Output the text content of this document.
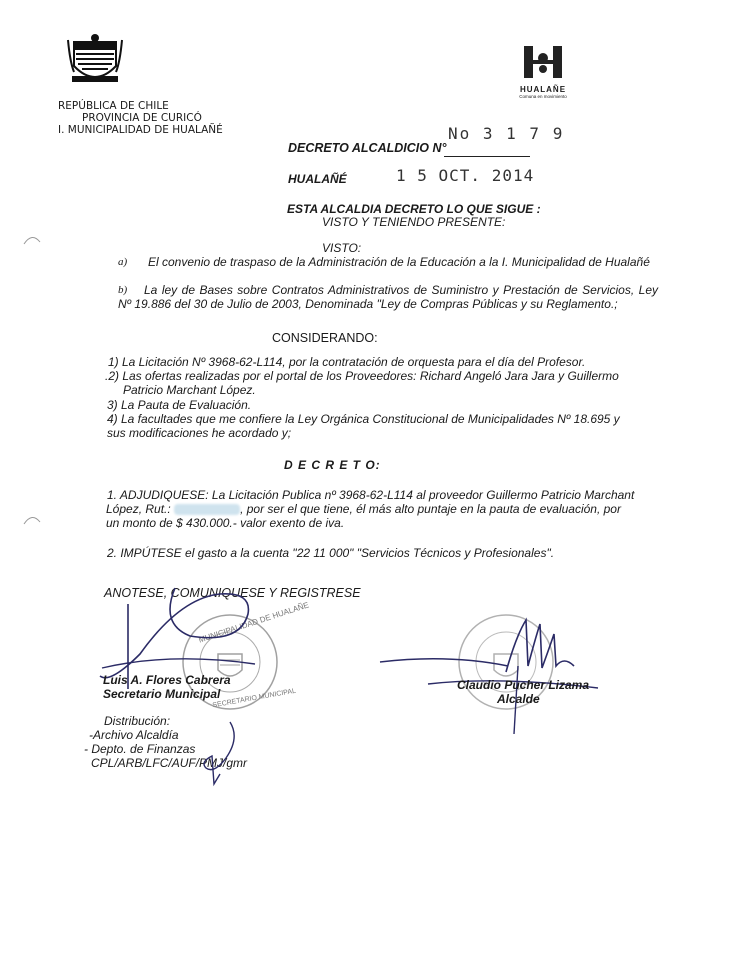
HUALAÑE
Comuna en movimiento
REPÚBLICA DE CHILE
PROVINCIA DE CURICÓ
I. MUNICIPALIDAD DE HUALAÑÉ
DECRETO ALCALDICIO N°
No 3 1 7 9
HUALAÑÉ	1 5 OCT. 2014
ESTA ALCALDIA DECRETO LO QUE SIGUE :
VISTO Y TENIENDO PRESENTE:
VISTO:
a) El convenio de traspaso de la Administración de la Educación a la I. Municipalidad de Hualañé
b)	La ley de Bases sobre Contratos Administrativos de Suministro y Prestación de Servicios, Ley Nº 19.886 del 30 de Julio de 2003, Denominada "Ley de Compras Públicas y su Reglamento.;
CONSIDERANDO:
1) La Licitación Nº 3968-62-L114, por la contratación de orquesta para el día del Profesor.
.2) Las ofertas realizadas por el portal de los Proveedores: Richard Angeló Jara Jara y Guillermo
Patricio Marchant López.
3) La Pauta de Evaluación.
4) La facultades que me confiere la Ley Orgánica Constitucional de Municipalidades Nº 18.695 y
sus modificaciones he acordado y;
D E C R E T O:
1. ADJUDIQUESE: La Licitación Publica nº 3968-62-L114 al proveedor Guillermo Patricio Marchant
López, Rut.:	, por ser el que tiene, él más alto puntaje en la pauta de evaluación, por
un monto de $ 430.000.- valor exento de iva.
2. IMPÚTESE el gasto a la cuenta "22 11 000" "Servicios Técnicos y Profesionales".
ANOTESE, COMUNIQUESE Y REGISTRESE
MUNICIPALIDAD DE HUALAÑE
SECRETARIO MUNICIPAL
Luis A. Flores Cabrera
Secretario Municipal
Claudio Pucher Lizama
Alcalde
Distribución:
-Archivo Alcaldía
- Depto. de Finanzas
CPL/ARB/LFC/AUF/PMJ/gmr
